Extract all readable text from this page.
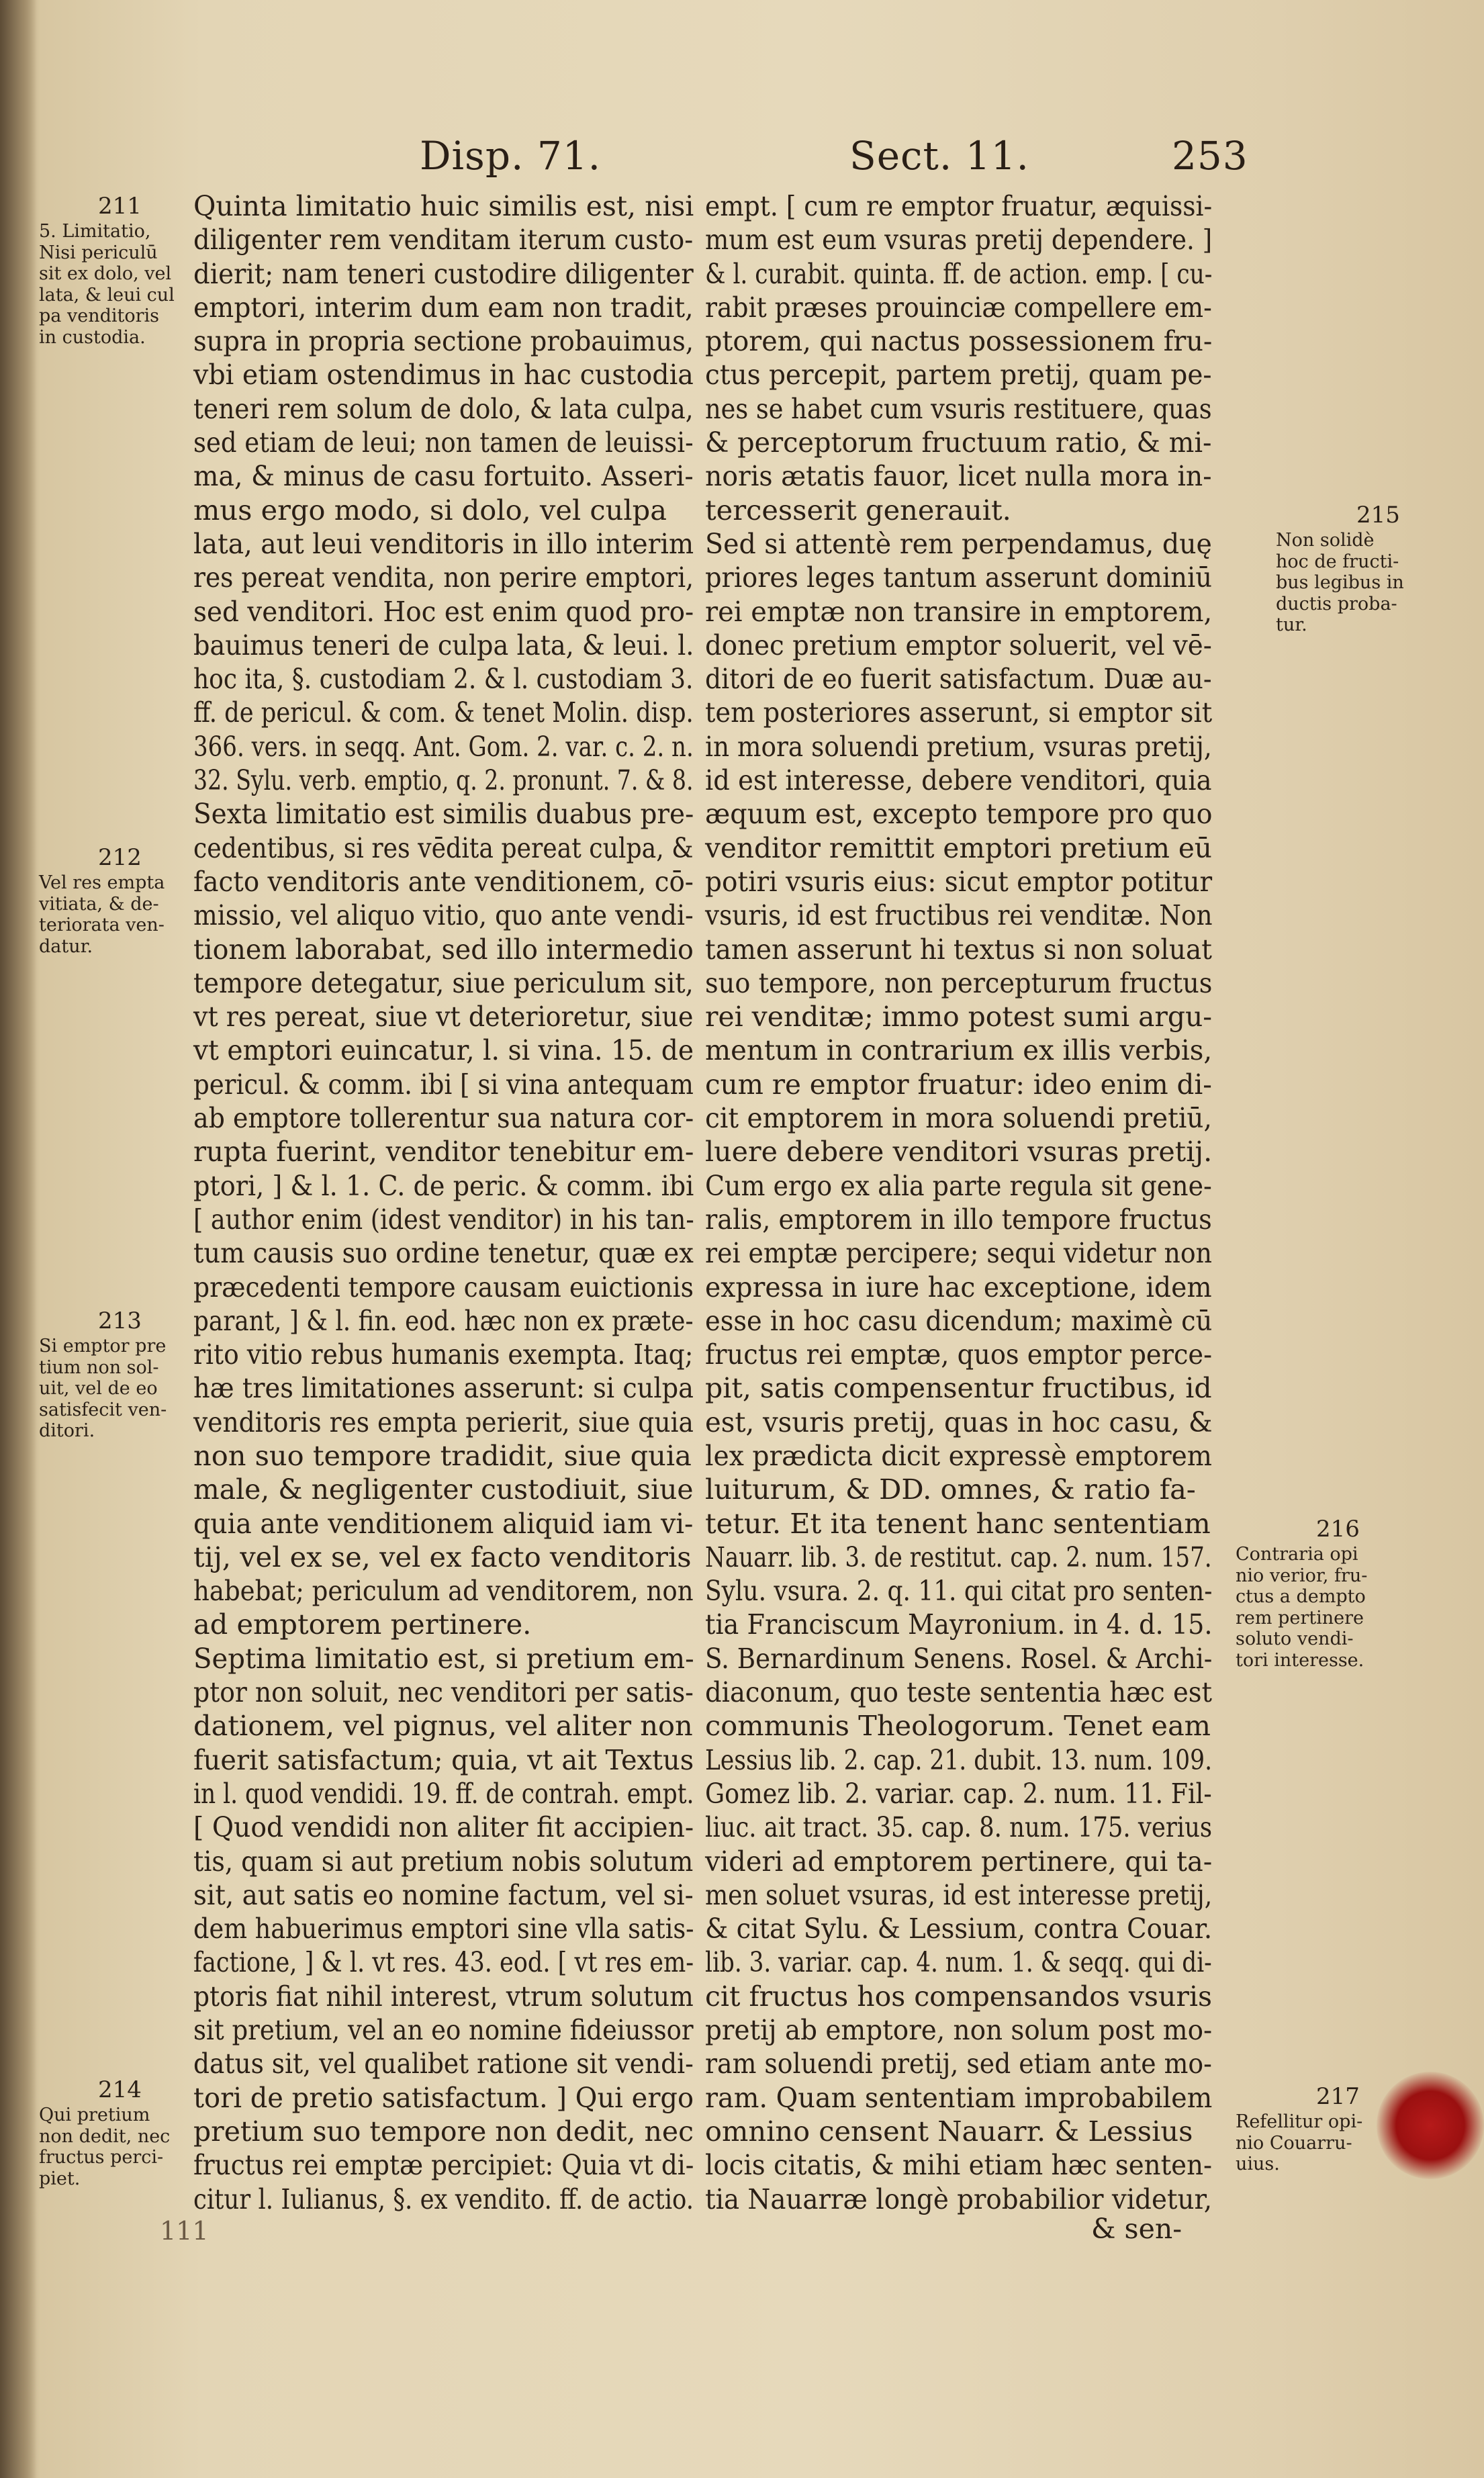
Disp. 71.	Sect. 11.	253
Quinta limitatio huic similis est, nisi
diligenter rem venditam iterum custo-
dierit; nam teneri custodire diligenter
emptori, interim dum eam non tradit,
supra in propria sectione probauimus,
vbi etiam ostendimus in hac custodia
teneri rem solum de dolo, & lata culpa,
sed etiam de leui; non tamen de leuissi-
ma, & minus de casu fortuito. Asseri-
mus ergo modo, si dolo, vel culpa
lata, aut leui venditoris in illo interim
res pereat vendita, non perire emptori,
sed venditori. Hoc est enim quod pro-
bauimus teneri de culpa lata, & leui. l.
hoc ita, §. custodiam 2. & l. custodiam 3.
ff. de pericul. & com. & tenet Molin. disp.
366. vers. in seqq. Ant. Gom. 2. var. c. 2. n.
32. Sylu. verb. emptio, q. 2. pronunt. 7. & 8.
Sexta limitatio est similis duabus pre-
cedentibus, si res vēdita pereat culpa, &
facto venditoris ante venditionem, cō-
missio, vel aliquo vitio, quo ante vendi-
tionem laborabat, sed illo intermedio
tempore detegatur, siue periculum sit,
vt res pereat, siue vt deterioretur, siue
vt emptori euincatur, l. si vina. 15. de
pericul. & comm. ibi [ si vina antequam
ab emptore tollerentur sua natura cor-
rupta fuerint, venditor tenebitur em-
ptori, ] & l. 1. C. de peric. & comm. ibi
[ author enim (idest venditor) in his tan-
tum causis suo ordine tenetur, quæ ex
præcedenti tempore causam euictionis
parant, ] & l. fin. eod. hæc non ex præte-
rito vitio rebus humanis exempta. Itaq;
hæ tres limitationes asserunt: si culpa
venditoris res empta perierit, siue quia
non suo tempore tradidit, siue quia
male, & negligenter custodiuit, siue
quia ante venditionem aliquid iam vi-
tij, vel ex se, vel ex facto venditoris
habebat; periculum ad venditorem, non
ad emptorem pertinere.
Septima limitatio est, si pretium em-
ptor non soluit, nec venditori per satis-
dationem, vel pignus, vel aliter non
fuerit satisfactum; quia, vt ait Textus
in l. quod vendidi. 19. ff. de contrah. empt.
[ Quod vendidi non aliter fit accipien-
tis, quam si aut pretium nobis solutum
sit, aut satis eo nomine factum, vel si-
dem habuerimus emptori sine vlla satis-
factione, ] & l. vt res. 43. eod. [ vt res em-
ptoris fiat nihil interest, vtrum solutum
sit pretium, vel an eo nomine fideiussor
datus sit, vel qualibet ratione sit vendi-
tori de pretio satisfactum. ] Qui ergo
pretium suo tempore non dedit, nec
fructus rei emptæ percipiet: Quia vt di-
citur l. Iulianus, §. ex vendito. ff. de actio.
empt. [ cum re emptor fruatur, æquissi-
mum est eum vsuras pretij dependere. ]
& l. curabit. quinta. ff. de action. emp. [ cu-
rabit præses prouinciæ compellere em-
ptorem, qui nactus possessionem fru-
ctus percepit, partem pretij, quam pe-
nes se habet cum vsuris restituere, quas
& perceptorum fructuum ratio, & mi-
noris ætatis fauor, licet nulla mora in-
tercesserit generauit.
Sed si attentè rem perpendamus, duę
priores leges tantum asserunt dominiū
rei emptæ non transire in emptorem,
donec pretium emptor soluerit, vel vē-
ditori de eo fuerit satisfactum. Duæ au-
tem posteriores asserunt, si emptor sit
in mora soluendi pretium, vsuras pretij,
id est interesse, debere venditori, quia
æquum est, excepto tempore pro quo
venditor remittit emptori pretium eū
potiri vsuris eius: sicut emptor potitur
vsuris, id est fructibus rei venditæ. Non
tamen asserunt hi textus si non soluat
suo tempore, non percepturum fructus
rei venditæ; immo potest sumi argu-
mentum in contrarium ex illis verbis,
cum re emptor fruatur: ideo enim di-
cit emptorem in mora soluendi pretiū,
luere debere venditori vsuras pretij.
Cum ergo ex alia parte regula sit gene-
ralis, emptorem in illo tempore fructus
rei emptæ percipere; sequi videtur non
expressa in iure hac exceptione, idem
esse in hoc casu dicendum; maximè cū
fructus rei emptæ, quos emptor perce-
pit, satis compensentur fructibus, id
est, vsuris pretij, quas in hoc casu, &
lex prædicta dicit expressè emptorem
luiturum, & DD. omnes, & ratio fa-
tetur. Et ita tenent hanc sententiam
Nauarr. lib. 3. de restitut. cap. 2. num. 157.
Sylu. vsura. 2. q. 11. qui citat pro senten-
tia Franciscum Mayronium. in 4. d. 15.
S. Bernardinum Senens. Rosel. & Archi-
diaconum, quo teste sententia hæc est
communis Theologorum. Tenet eam
Lessius lib. 2. cap. 21. dubit. 13. num. 109.
Gomez lib. 2. variar. cap. 2. num. 11. Fil-
liuc. ait tract. 35. cap. 8. num. 175. verius
videri ad emptorem pertinere, qui ta-
men soluet vsuras, id est interesse pretij,
& citat Sylu. & Lessium, contra Couar.
lib. 3. variar. cap. 4. num. 1. & seqq. qui di-
cit fructus hos compensandos vsuris
pretij ab emptore, non solum post mo-
ram soluendi pretij, sed etiam ante mo-
ram. Quam sententiam improbabilem
omnino censent Nauarr. & Lessius
locis citatis, & mihi etiam hæc senten-
tia Nauarræ longè probabilior videtur,
211
5. Limitatio,
Nisi periculū
sit ex dolo, vel
lata, & leui cul
pa venditoris
in custodia.
212
Vel res empta
vitiata, & de-
teriorata ven-
datur.
213
Si emptor pre
tium non sol-
uit, vel de eo
satisfecit ven-
ditori.
214
Qui pretium
non dedit, nec
fructus perci-
piet.
215
Non solidè
hoc de fructi-
bus legibus in
ductis proba-
tur.
216
Contraria opi
nio verior, fru-
ctus a dempto
rem pertinere
soluto vendi-
tori interesse.
217
Refellitur opi-
nio Couarru-
uius.
& sen-
111
